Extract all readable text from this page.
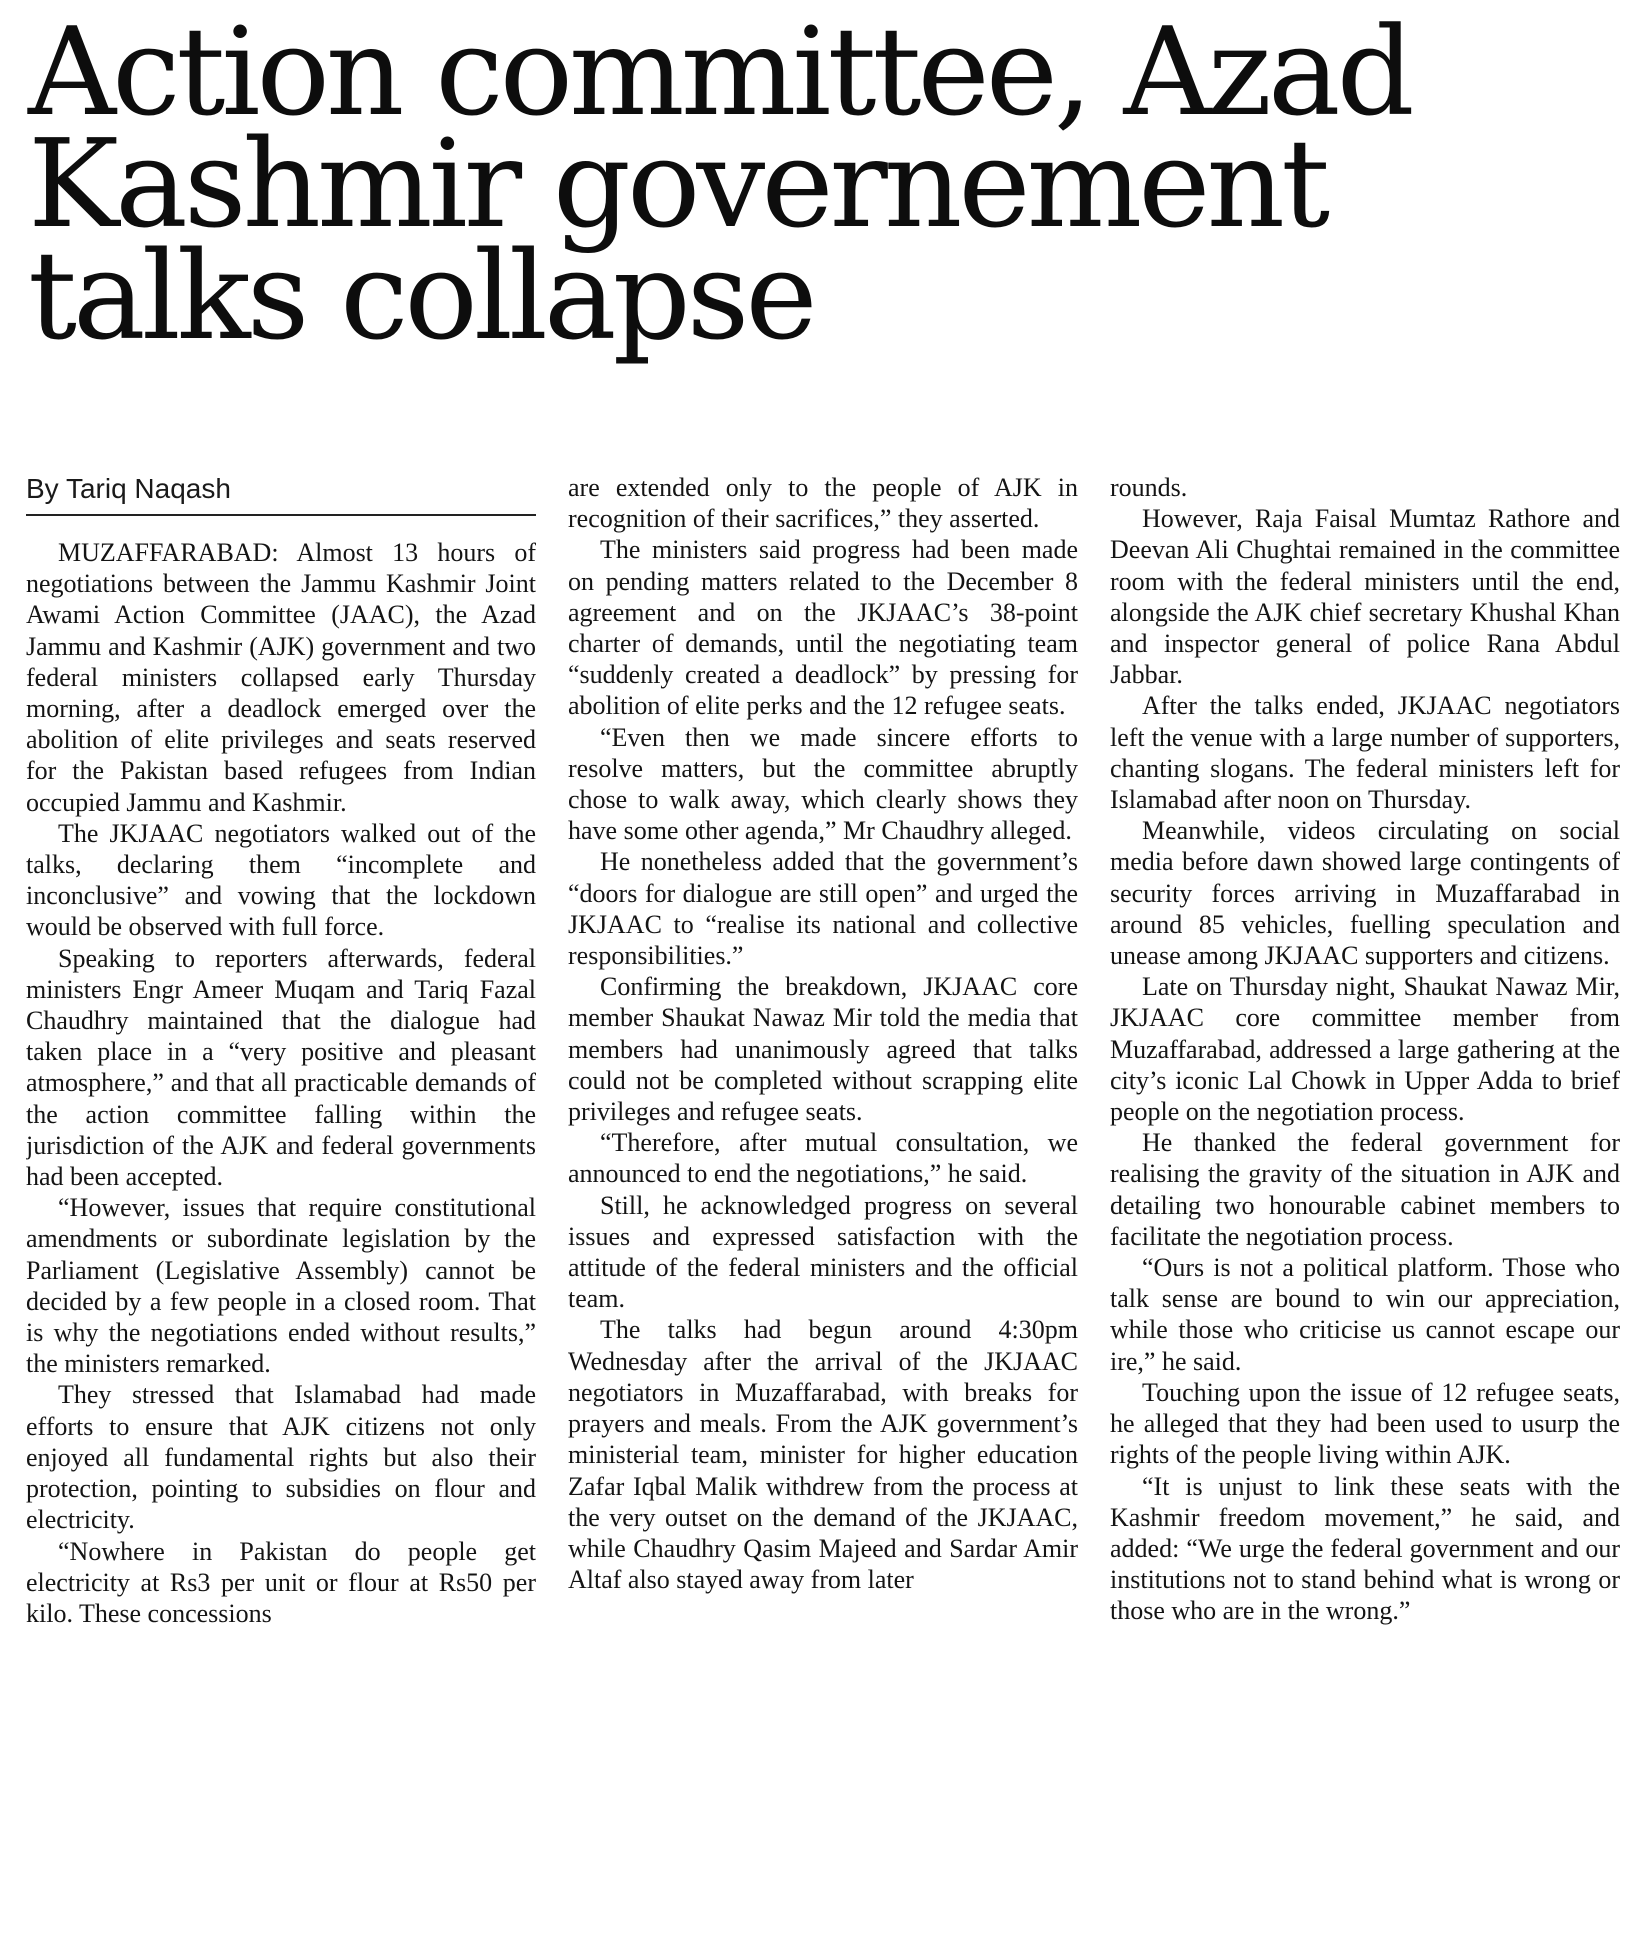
Action committee, Azad
Kashmir governement
talks collapse
By Tariq Naqash

MUZAFFARABAD: Almost 13 hours of negotiations between the Jammu Kashmir Joint Awami Action Committee (JAAC), the Azad Jammu and Kashmir (AJK) government and two federal ministers collapsed early Thursday morning, after a deadlock emerged over the abolition of elite privileges and seats reserved for the Pakistan based refugees from Indian occupied Jammu and Kashmir.

The JKJAAC negotiators walked out of the talks, declaring them “incomplete and inconclusive” and vowing that the lockdown would be observed with full force.

Speaking to reporters afterwards, federal ministers Engr Ameer Muqam and Tariq Fazal Chaudhry maintained that the dialogue had taken place in a “very positive and pleasant atmosphere,” and that all practicable demands of the action committee falling within the jurisdiction of the AJK and federal governments had been accepted.

“However, issues that require constitutional amendments or subordinate legislation by the Parliament (Legislative Assembly) cannot be decided by a few people in a closed room. That is why the negotiations ended without results,” the ministers remarked.

They stressed that Islamabad had made efforts to ensure that AJK citizens not only enjoyed all fundamental rights but also their protection, pointing to subsidies on flour and electricity.

“Nowhere in Pakistan do people get electricity at Rs3 per unit or flour at Rs50 per kilo. These concessions

are extended only to the people of AJK in recognition of their sacrifices,” they asserted.

The ministers said progress had been made on pending matters related to the December 8 agreement and on the JKJAAC’s 38-point charter of demands, until the negotiating team “suddenly created a deadlock” by pressing for abolition of elite perks and the 12 refugee seats.

“Even then we made sincere efforts to resolve matters, but the committee abruptly chose to walk away, which clearly shows they have some other agenda,” Mr Chaudhry alleged.

He nonetheless added that the government’s “doors for dialogue are still open” and urged the JKJAAC to “realise its national and collective responsibilities.”

Confirming the breakdown, JKJAAC core member Shaukat Nawaz Mir told the media that members had unanimously agreed that talks could not be completed without scrapping elite privileges and refugee seats.

“Therefore, after mutual consultation, we announced to end the negotiations,” he said.

Still, he acknowledged progress on several issues and expressed satisfaction with the attitude of the federal ministers and the official team.

The talks had begun around 4:30pm Wednesday after the arrival of the JKJAAC negotiators in Muzaffarabad, with breaks for prayers and meals. From the AJK government’s ministerial team, minister for higher education Zafar Iqbal Malik withdrew from the process at the very outset on the demand of the JKJAAC, while Chaudhry Qasim Majeed and Sardar Amir Altaf also stayed away from later

rounds.

However, Raja Faisal Mumtaz Rathore and Deevan Ali Chughtai remained in the committee room with the federal ministers until the end, alongside the AJK chief secretary Khushal Khan and inspector general of police Rana Abdul Jabbar.

After the talks ended, JKJAAC negotiators left the venue with a large number of supporters, chanting slogans. The federal ministers left for Islamabad after noon on Thursday.

Meanwhile, videos circulating on social media before dawn showed large contingents of security forces arriving in Muzaffarabad in around 85 vehicles, fuelling speculation and unease among JKJAAC supporters and citizens.

Late on Thursday night, Shaukat Nawaz Mir, JKJAAC core committee member from Muzaffarabad, addressed a large gathering at the city’s iconic Lal Chowk in Upper Adda to brief people on the negotiation process.

He thanked the federal government for realising the gravity of the situation in AJK and detailing two honourable cabinet members to facilitate the negotiation process.

“Ours is not a political platform. Those who talk sense are bound to win our appreciation, while those who criticise us cannot escape our ire,” he said.

Touching upon the issue of 12 refugee seats, he alleged that they had been used to usurp the rights of the people living within AJK.

“It is unjust to link these seats with the Kashmir freedom movement,” he said, and added: “We urge the federal government and our institutions not to stand behind what is wrong or those who are in the wrong.”
